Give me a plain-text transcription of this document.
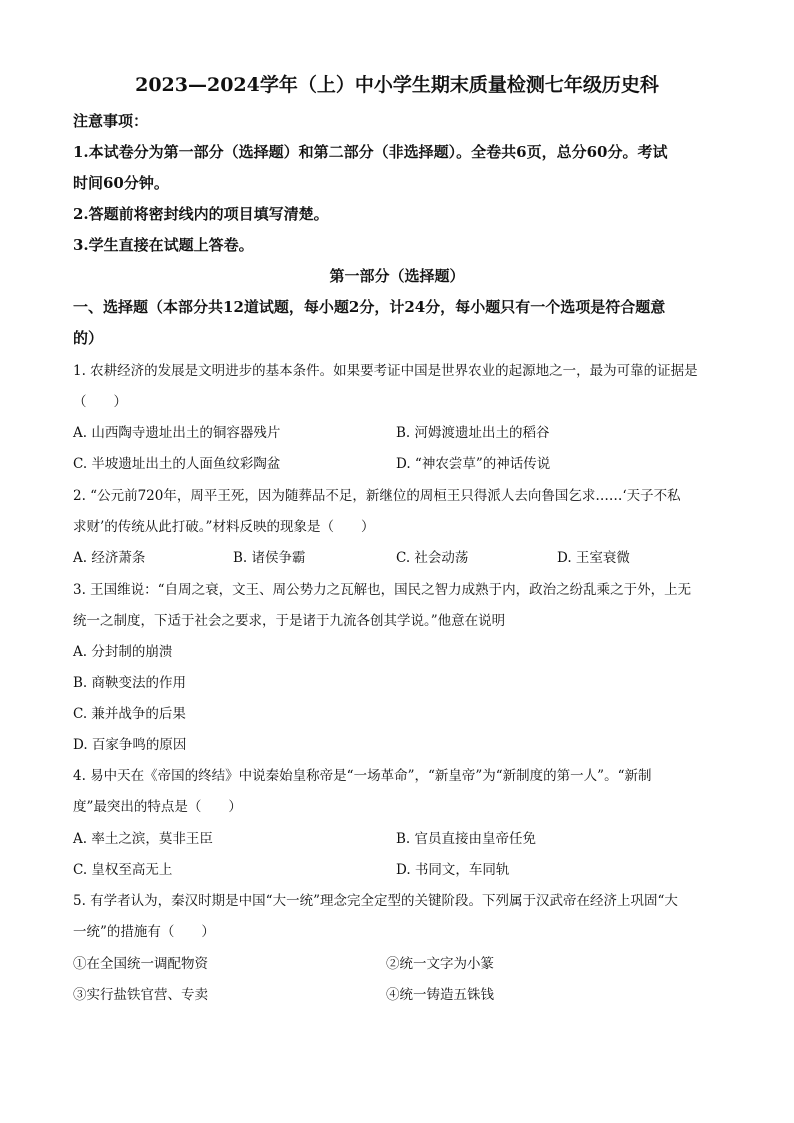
2023—2024学年（上）中小学生期末质量检测七年级历史科
注意事项：
1.本试卷分为第一部分（选择题）和第二部分（非选择题）。全卷共6页，总分60分。考试
时间60分钟。
2.答题前将密封线内的项目填写清楚。
3.学生直接在试题上答卷。
第一部分（选择题）
一、选择题（本部分共12道试题，每小题2分，计24分，每小题只有一个选项是符合题意
的）
1. 农耕经济的发展是文明进步的基本条件。如果要考证中国是世界农业的起源地之一，最为可靠的证据是
（　　）
A. 山西陶寺遗址出土的铜容器残片	B. 河姆渡遗址出土的稻谷
C. 半坡遗址出土的人面鱼纹彩陶盆	D. “神农尝草”的神话传说
2. “公元前720年，周平王死，因为随葬品不足，新继位的周桓王只得派人去向鲁国乞求……‘天子不私
求财’的传统从此打破。”材料反映的现象是（　　）
A. 经济萧条	B. 诸侯争霸	C. 社会动荡	D. 王室衰微
3. 王国维说：“自周之衰，文王、周公势力之瓦解也，国民之智力成熟于内，政治之纷乱乘之于外，上无
统一之制度，下适于社会之要求，于是诸于九流各创其学说。”他意在说明
A. 分封制的崩溃
B. 商鞅变法的作用
C. 兼并战争的后果
D. 百家争鸣的原因
4. 易中天在《帝国的终结》中说秦始皇称帝是“一场革命”，“新皇帝”为“新制度的第一人”。“新制
度”最突出的特点是（　　）
A. 率土之滨，莫非王臣	B. 官员直接由皇帝任免
C. 皇权至高无上	D. 书同文，车同轨
5. 有学者认为，秦汉时期是中国“大一统”理念完全定型的关键阶段。下列属于汉武帝在经济上巩固“大
一统”的措施有（　　）
①在全国统一调配物资	②统一文字为小篆
③实行盐铁官营、专卖	④统一铸造五铢钱
